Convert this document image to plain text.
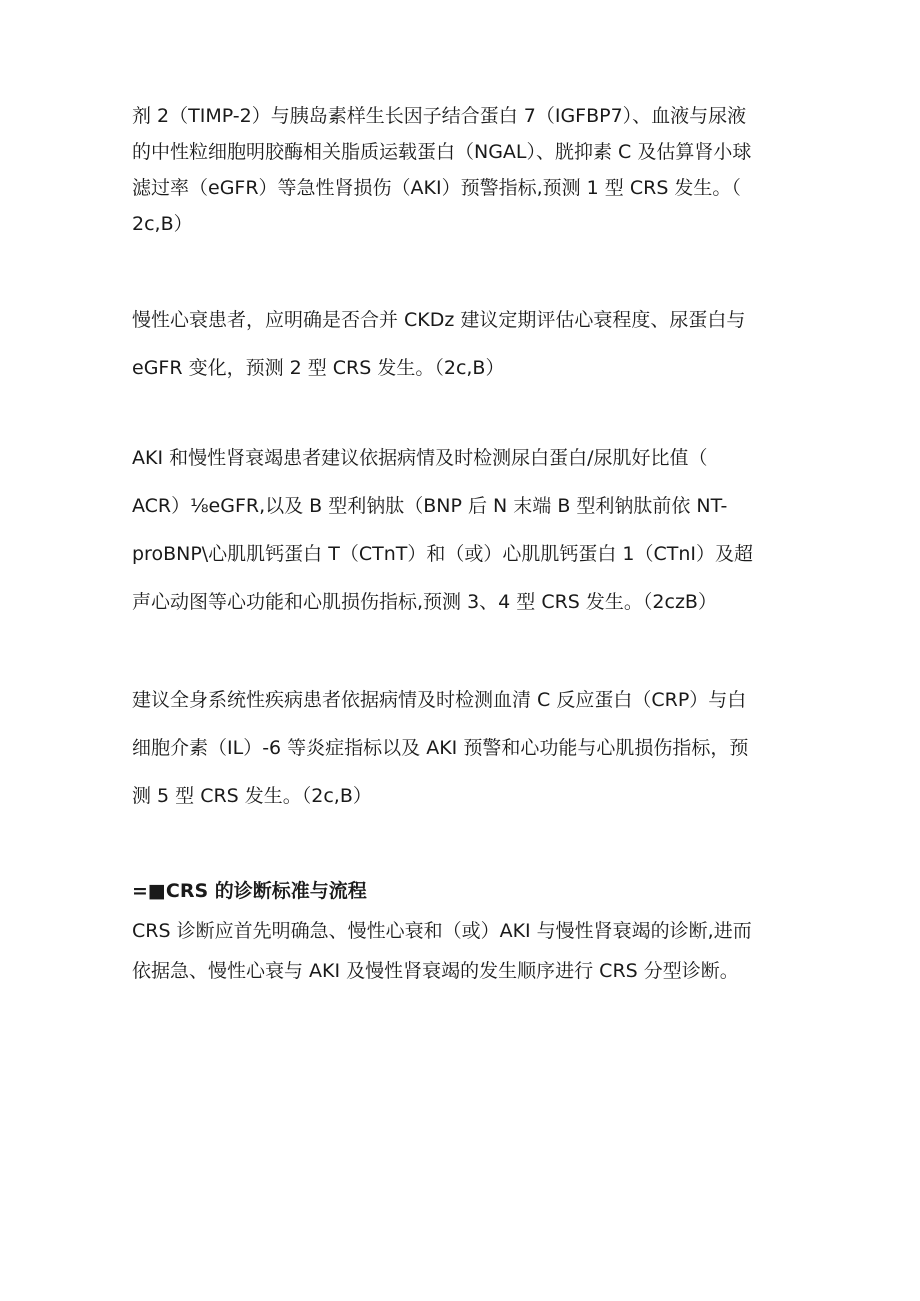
剂 2（TIMP-2）与胰岛素样生长因子结合蛋白 7（IGFBP7）、血液与尿液
的中性粒细胞明胶酶相关脂质运载蛋白（NGAL）、胱抑素 C 及估算肾小球
滤过率（eGFR）等急性肾损伤（AKI）预警指标,预测 1 型 CRS 发生。（
2c,B）
慢性心衰患者，应明确是否合并 CKDz 建议定期评估心衰程度、尿蛋白与
eGFR 变化，预测 2 型 CRS 发生。（2c,B）
AKI 和慢性肾衰竭患者建议依据病情及时检测尿白蛋白/尿肌好比值（
ACR）⅛eGFR,以及 B 型利钠肽（BNP 后 N 末端 B 型利钠肽前依 NT-
proBNP\心肌肌钙蛋白 T（CTnT）和（或）心肌肌钙蛋白 1（CTnI）及超
声心动图等心功能和心肌损伤指标,预测 3、4 型 CRS 发生。（2czB）
建议全身系统性疾病患者依据病情及时检测血清 C 反应蛋白（CRP）与白
细胞介素（IL）-6 等炎症指标以及 AKI 预警和心功能与心肌损伤指标，预
测 5 型 CRS 发生。（2c,B）
=■CRS 的诊断标准与流程
CRS 诊断应首先明确急、慢性心衰和（或）AKI 与慢性肾衰竭的诊断,进而
依据急、慢性心衰与 AKI 及慢性肾衰竭的发生顺序进行 CRS 分型诊断。
